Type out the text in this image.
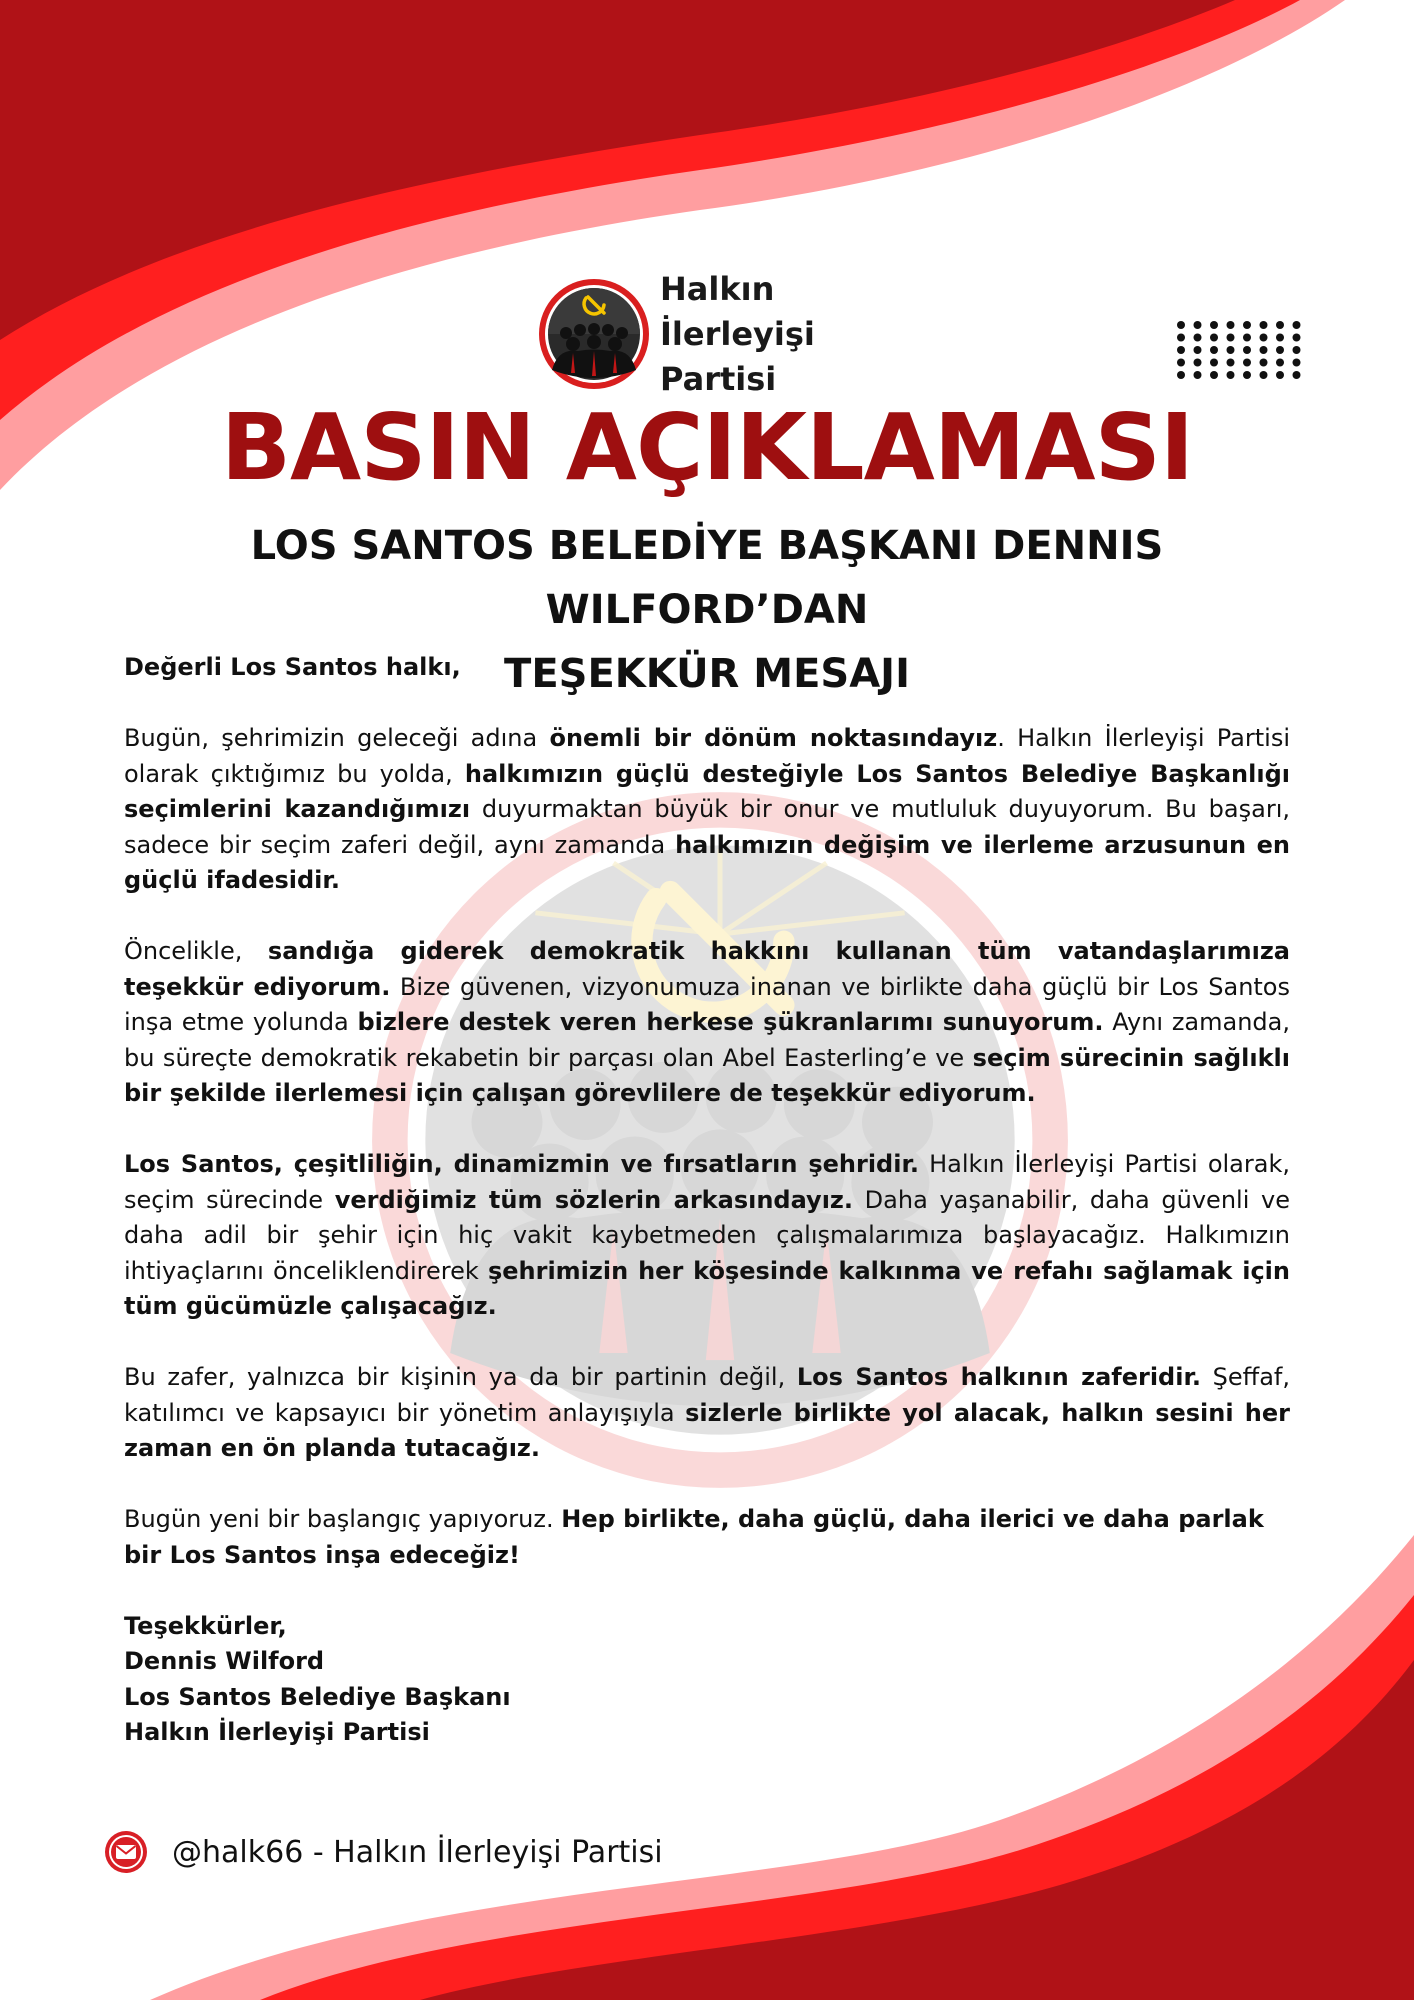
Halkın İlerleyişi
Partisi
BASIN AÇIKLAMASI
LOS SANTOS BELEDİYE BAŞKANI DENNIS WILFORD’DAN
TEŞEKKÜR MESAJI

Değerli Los Santos halkı,

Bugün, şehrimizin geleceği adına önemli bir dönüm noktasındayız. Halkın İlerleyişi Partisi olarak çıktığımız bu yolda, halkımızın güçlü desteğiyle Los Santos Belediye Başkanlığı seçimlerini kazandığımızı duyurmaktan büyük bir onur ve mutluluk duyuyorum. Bu başarı, sadece bir seçim zaferi değil, aynı zamanda halkımızın değişim ve ilerleme arzusunun en güçlü ifadesidir.

Öncelikle, sandığa giderek demokratik hakkını kullanan tüm vatandaşlarımıza teşekkür ediyorum. Bize güvenen, vizyonumuza inanan ve birlikte daha güçlü bir Los Santos inşa etme yolunda bizlere destek veren herkese şükranlarımı sunuyorum. Aynı zamanda, bu süreçte demokratik rekabetin bir parçası olan Abel Easterling’e ve seçim sürecinin sağlıklı bir şekilde ilerlemesi için çalışan görevlilere de teşekkür ediyorum.

Los Santos, çeşitliliğin, dinamizmin ve fırsatların şehridir. Halkın İlerleyişi Partisi olarak, seçim sürecinde verdiğimiz tüm sözlerin arkasındayız. Daha yaşanabilir, daha güvenli ve daha adil bir şehir için hiç vakit kaybetmeden çalışmalarımıza başlayacağız. Halkımızın ihtiyaçlarını önceliklendirerek şehrimizin her köşesinde kalkınma ve refahı sağlamak için tüm gücümüzle çalışacağız.

Bu zafer, yalnızca bir kişinin ya da bir partinin değil, Los Santos halkının zaferidir. Şeffaf, katılımcı ve kapsayıcı bir yönetim anlayışıyla sizlerle birlikte yol alacak, halkın sesini her zaman en ön planda tutacağız.

Bugün yeni bir başlangıç yapıyoruz. Hep birlikte, daha güçlü, daha ilerici ve daha parlak bir Los Santos inşa edeceğiz!

Teşekkürler,

Dennis Wilford

Los Santos Belediye Başkanı

Halkın İlerleyişi Partisi

@halk66 - Halkın İlerleyişi Partisi
